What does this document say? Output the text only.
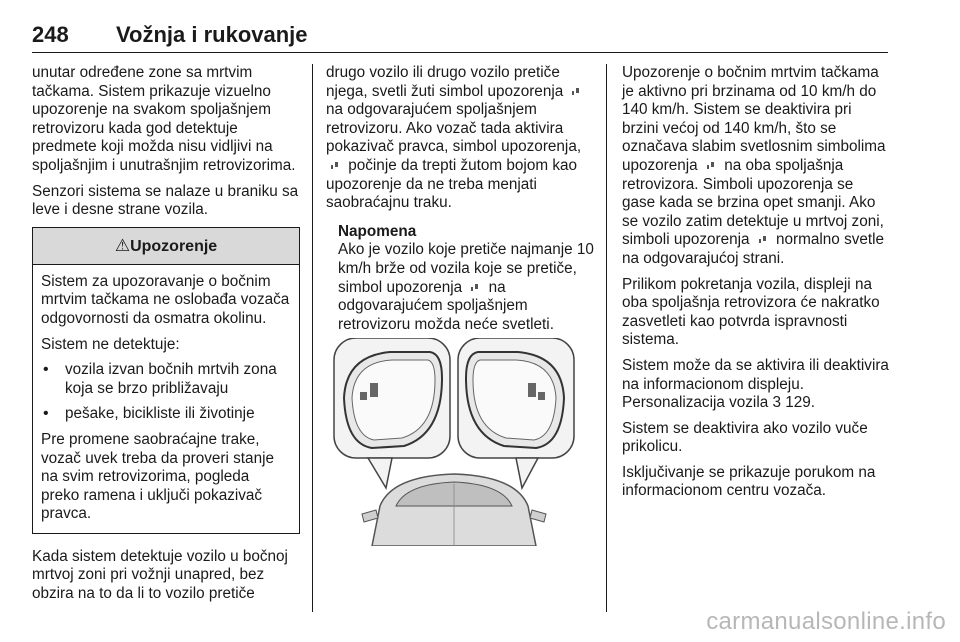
248 Vožnja i rukovanje

unutar određene zone sa mrtvim tačkama. Sistem prikazuje vizuelno upozorenje na svakom spoljašnjem retrovizoru kada god detektuje predmete koji možda nisu vidljivi na spoljašnjim i unutrašnjim retrovizorima.

Senzori sistema se nalaze u braniku sa leve i desne strane vozila.

⚠Upozorenje

Sistem za upozoravanje o bočnim mrtvim tačkama ne oslobađa vozača odgovornosti da osmatra okolinu.

Sistem ne detektuje:

• vozila izvan bočnih mrtvih zona koja se brzo približavaju
• pešake, bicikliste ili životinje

Pre promene saobraćajne trake, vozač uvek treba da proveri stanje na svim retrovizorima, pogleda preko ramena i uključi pokazivač pravca.

Kada sistem detektuje vozilo u bočnoj mrtvoj zoni pri vožnji unapred, bez obzira na to da li to vozilo pretiče

drugo vozilo ili drugo vozilo pretiče njega, svetli žuti simbol upozorenja  na odgovarajućem spoljašnjem retrovizoru. Ako vozač tada aktivira pokazivač pravca, simbol upozorenja,  počinje da trepti žutom bojom kao upozorenje da ne treba menjati saobraćajnu traku.

Napomena

Ako je vozilo koje pretiče najmanje 10 km/h brže od vozila koje se pretiče, simbol upozorenja na odgovarajućem spoljašnjem retrovizoru možda neće svetleti.

Upozorenje o bočnim mrtvim tačkama je aktivno pri brzinama od 10 km/h do 140 km/h. Sistem se deaktivira pri brzini većoj od 140 km/h, što se označava slabim svetlosnim simbolima upozorenja na oba spoljašnja retrovizora. Simboli upozorenja se gase kada se brzina opet smanji. Ako se vozilo zatim detektuje u mrtvoj zoni, simboli upozorenja normalno svetle na odgovarajućoj strani.

Prilikom pokretanja vozila, displeji na oba spoljašnja retrovizora će nakratko zasvetleti kao potvrda ispravnosti sistema.

Sistem može da se aktivira ili deaktivira na informacionom displeju. Personalizacija vozila 3 129.

Sistem se deaktivira ako vozilo vuče prikolicu.

Isključivanje se prikazuje porukom na informacionom centru vozača.

carmanualsonline.info
